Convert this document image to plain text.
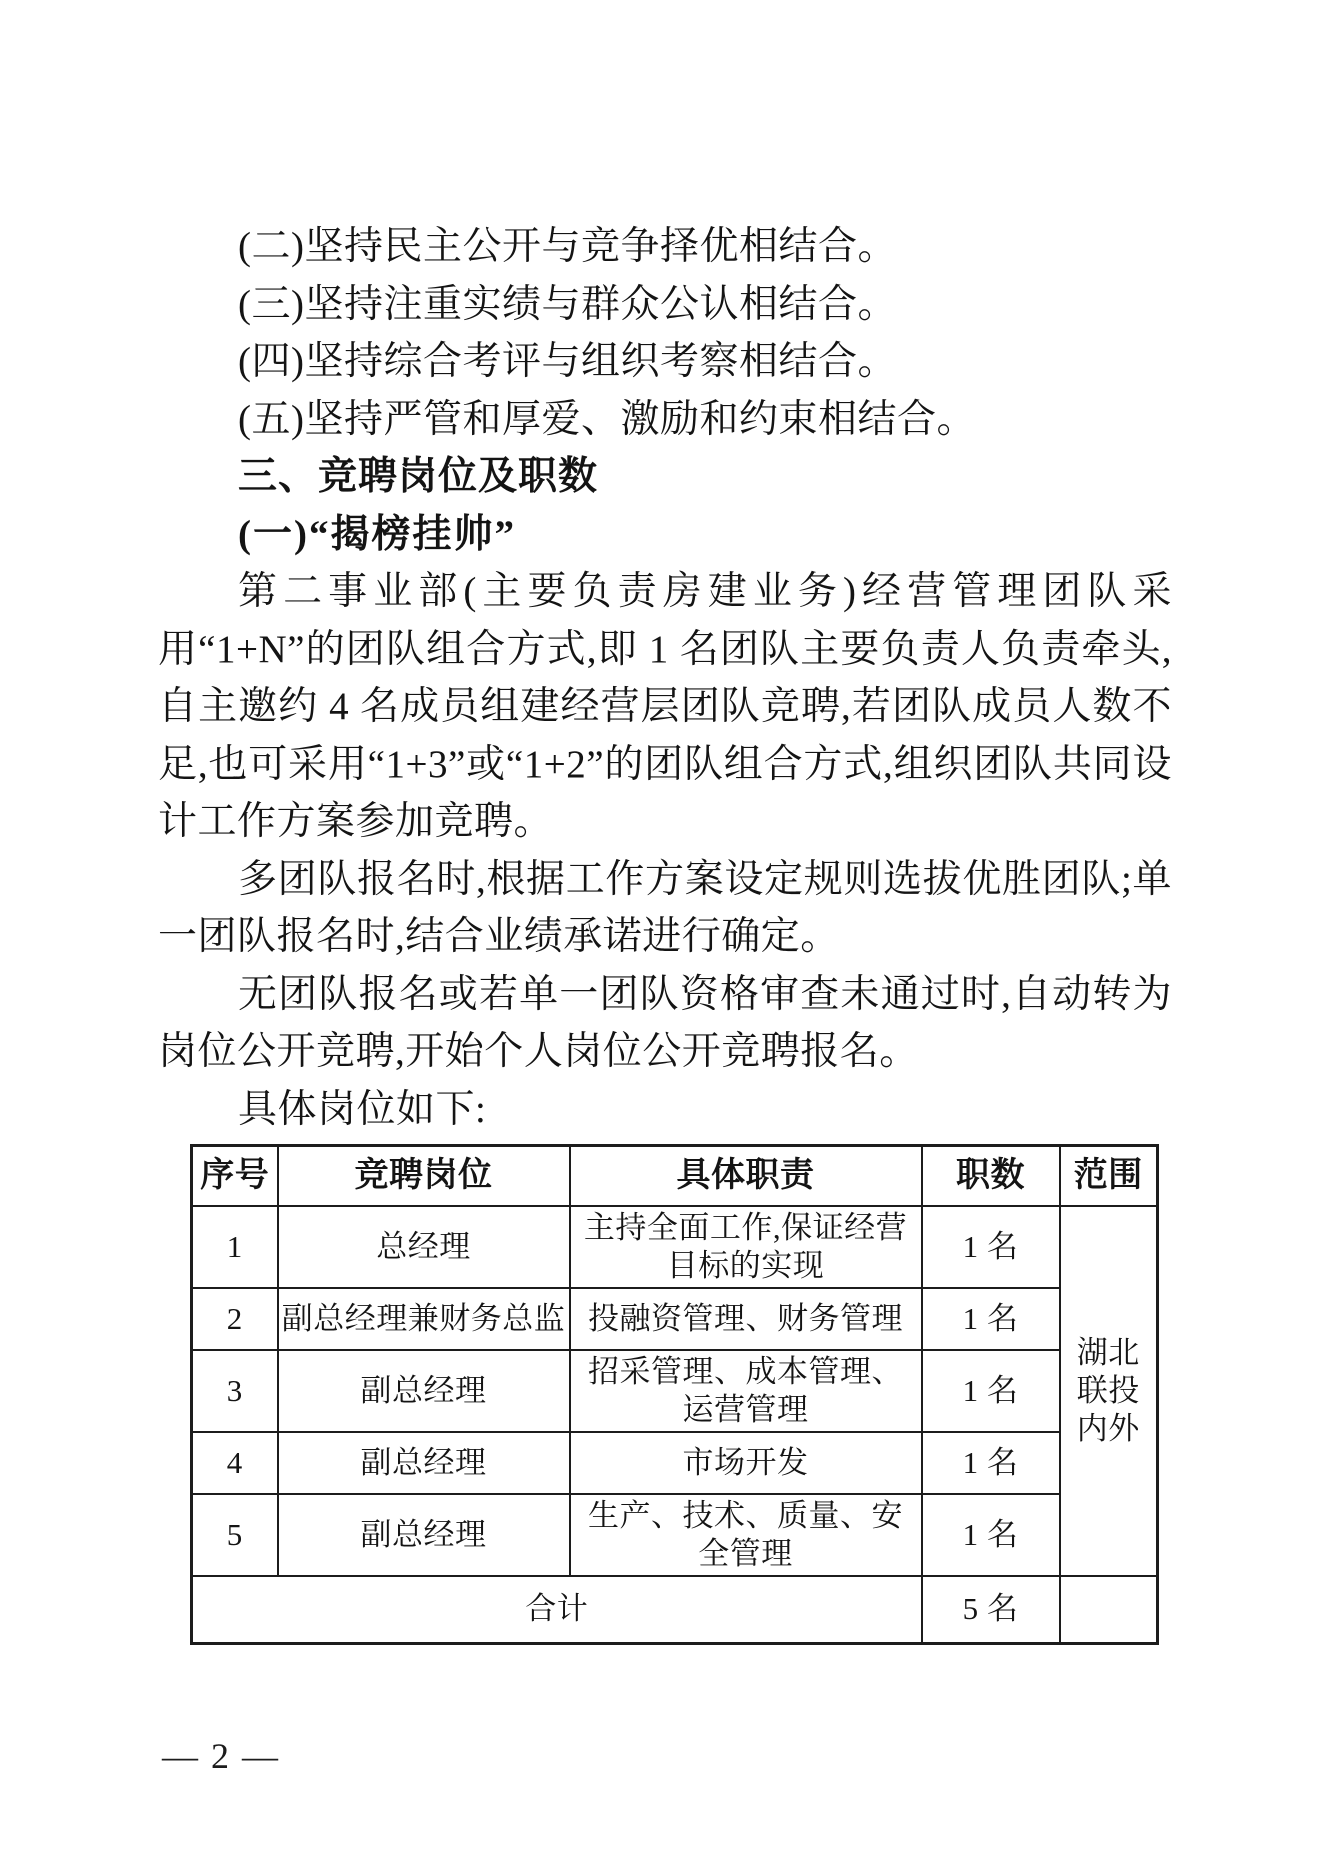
(二)坚持民主公开与竞争择优相结合。

(三)坚持注重实绩与群众公认相结合。

(四)坚持综合考评与组织考察相结合。

(五)坚持严管和厚爱、激励和约束相结合。

三、竞聘岗位及职数

(一)“揭榜挂帅”

第二事业部(主要负责房建业务)经营管理团队采用“1+N”的团队组合方式,即 1 名团队主要负责人负责牵头,自主邀约 4 名成员组建经营层团队竞聘,若团队成员人数不足,也可采用“1+3”或“1+2”的团队组合方式,组织团队共同设计工作方案参加竞聘。

多团队报名时,根据工作方案设定规则选拔优胜团队;单一团队报名时,结合业绩承诺进行确定。

无团队报名或若单一团队资格审查未通过时,自动转为岗位公开竞聘,开始个人岗位公开竞聘报名。

具体岗位如下:

序号	竞聘岗位	具体职责	职数	范围
1	总经理	主持全面工作,保证经营目标的实现	1 名	湖北联投内外
2	副总经理兼财务总监	投融资管理、财务管理	1 名	
3	副总经理	招采管理、成本管理、运营管理	1 名	
4	副总经理	市场开发	1 名	
5	副总经理	生产、技术、质量、安全管理	1 名	
合计			5 名	
— 2 —
